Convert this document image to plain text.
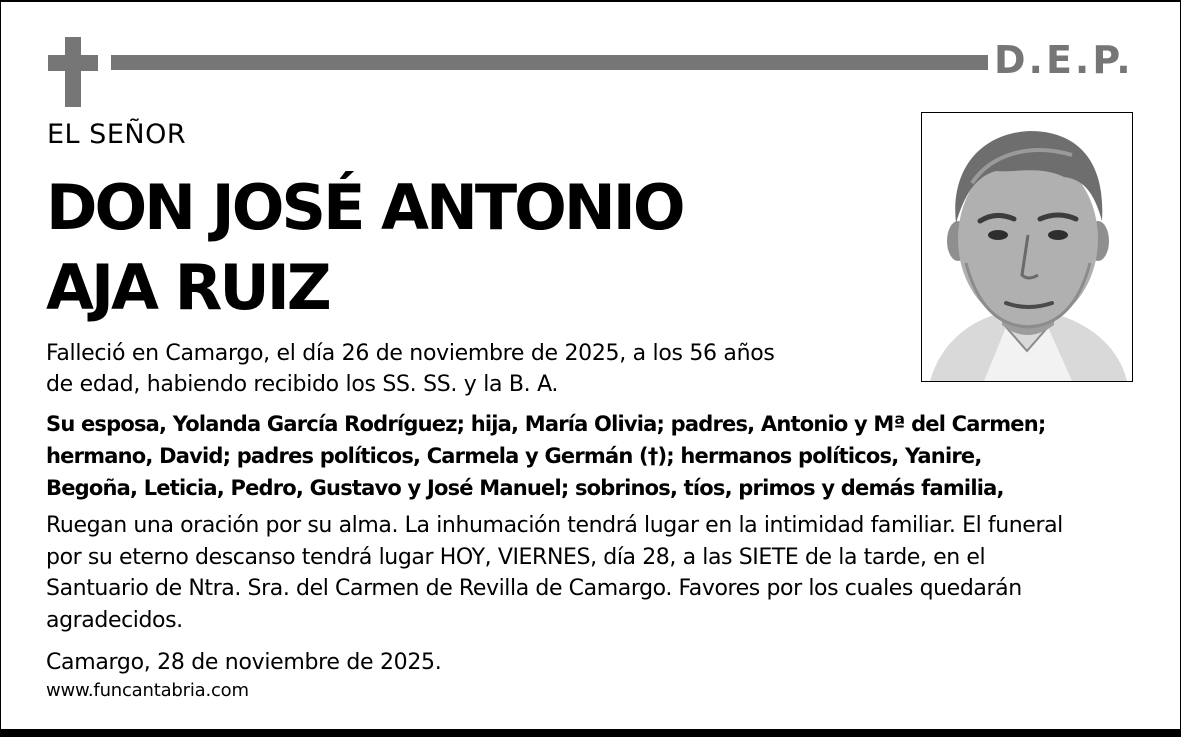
D.E.P.
EL SEÑOR
DON JOSÉ ANTONIO
AJA RUIZ
Falleció en Camargo, el día 26 de noviembre de 2025, a los 56 años
de edad, habiendo recibido los SS. SS. y la B. A.
Su esposa, Yolanda García Rodríguez; hija, María Olivia; padres, Antonio y Mª del Carmen;
hermano, David; padres políticos, Carmela y Germán (†); hermanos políticos, Yanire,
Begoña, Leticia, Pedro, Gustavo y José Manuel; sobrinos, tíos, primos y demás familia,
Ruegan una oración por su alma. La inhumación tendrá lugar en la intimidad familiar. El funeral
por su eterno descanso tendrá lugar HOY, VIERNES, día 28, a las SIETE de la tarde, en el
Santuario de Ntra. Sra. del Carmen de Revilla de Camargo. Favores por los cuales quedarán
agradecidos.
Camargo, 28 de noviembre de 2025.
www.funcantabria.com
